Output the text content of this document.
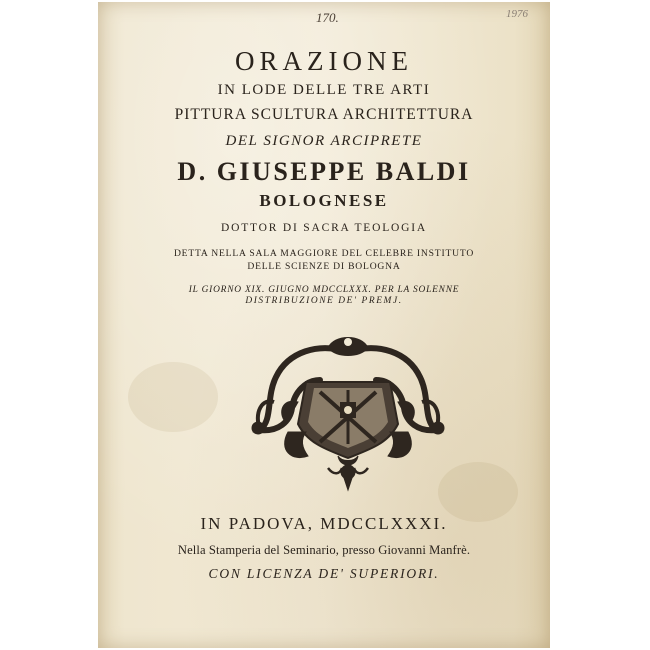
170.	1976
ORAZIONE
IN LODE DELLE TRE ARTI
PITTURA SCULTURA ARCHITETTURA
DEL SIGNOR ARCIPRETE
D. GIUSEPPE BALDI
BOLOGNESE
DOTTOR DI SACRA TEOLOGIA
DETTA NELLA SALA MAGGIORE DEL CELEBRE INSTITUTO
DELLE SCIENZE DI BOLOGNA
IL GIORNO XIX. GIUGNO MDCCLXXX. PER LA SOLENNE
DISTRIBUZIONE DE' PREMJ.
IN PADOVA, MDCCLXXXI.
Nella Stamperia del Seminario, presso Giovanni Manfrè.
CON LICENZA DE' SUPERIORI.
